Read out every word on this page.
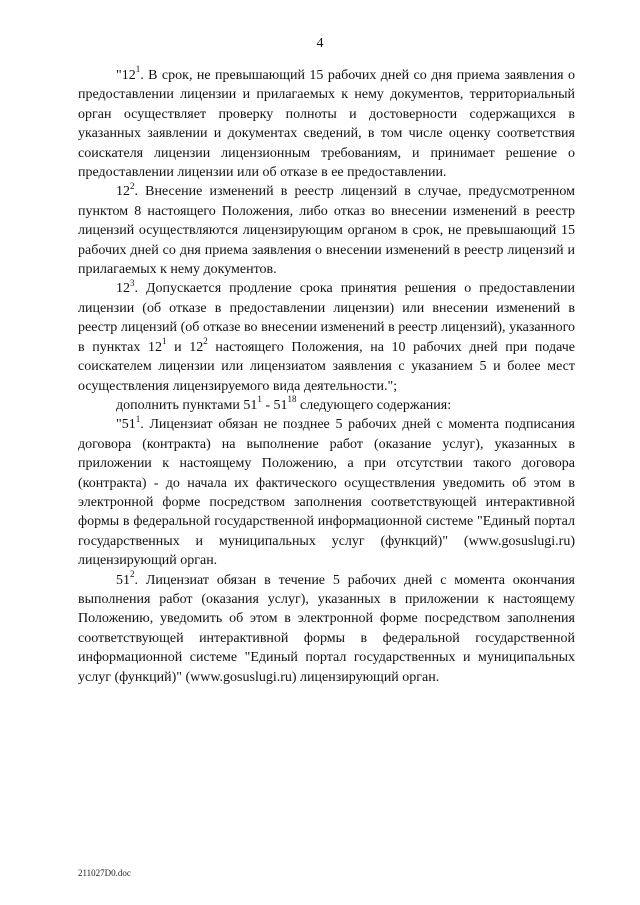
4

"$12^1$. В срок, не превышающий 15 рабочих дней со дня приема заявления о предоставлении лицензии и прилагаемых к нему документов, территориальный орган осуществляет проверку полноты и достоверности содержащихся в указанных заявлении и документах сведений, в том числе оценку соответствия соискателя лицензии лицензионным требованиям, и принимает решение о предоставлении лицензии или об отказе в ее предоставлении.

$12^2$. Внесение изменений в реестр лицензий в случае, предусмотренном пунктом 8 настоящего Положения, либо отказ во внесении изменений в реестр лицензий осуществляются лицензирующим органом в срок, не превышающий 15 рабочих дней со дня приема заявления о внесении изменений в реестр лицензий и прилагаемых к нему документов.

$12^3$. Допускается продление срока принятия решения о предоставлении лицензии (об отказе в предоставлении лицензии) или внесении изменений в реестр лицензий (об отказе во внесении изменений в реестр лицензий), указанного в пунктах $12^1$ и $12^2$ настоящего Положения, на 10 рабочих дней при подаче соискателем лицензии или лицензиатом заявления с указанием 5 и более мест осуществления лицензируемого вида деятельности.";

дополнить пунктами $51^1 - 51^{18}$ следующего содержания:

"$51^1$. Лицензиат обязан не позднее 5 рабочих дней с момента подписания договора (контракта) на выполнение работ (оказание услуг), указанных в приложении к настоящему Положению, а при отсутствии такого договора (контракта) - до начала их фактического осуществления уведомить об этом в электронной форме посредством заполнения соответствующей интерактивной формы в федеральной государственной информационной системе "Единый портал государственных и муниципальных услуг (функций)" (www.gosuslugi.ru) лицензирующий орган.

$51^2$. Лицензиат обязан в течение 5 рабочих дней с момента окончания выполнения работ (оказания услуг), указанных в приложении к настоящему Положению, уведомить об этом в электронной форме посредством заполнения соответствующей интерактивной формы в федеральной государственной информационной системе "Единый портал государственных и муниципальных услуг (функций)" (www.gosuslugi.ru) лицензирующий орган.

211027D0.doc
